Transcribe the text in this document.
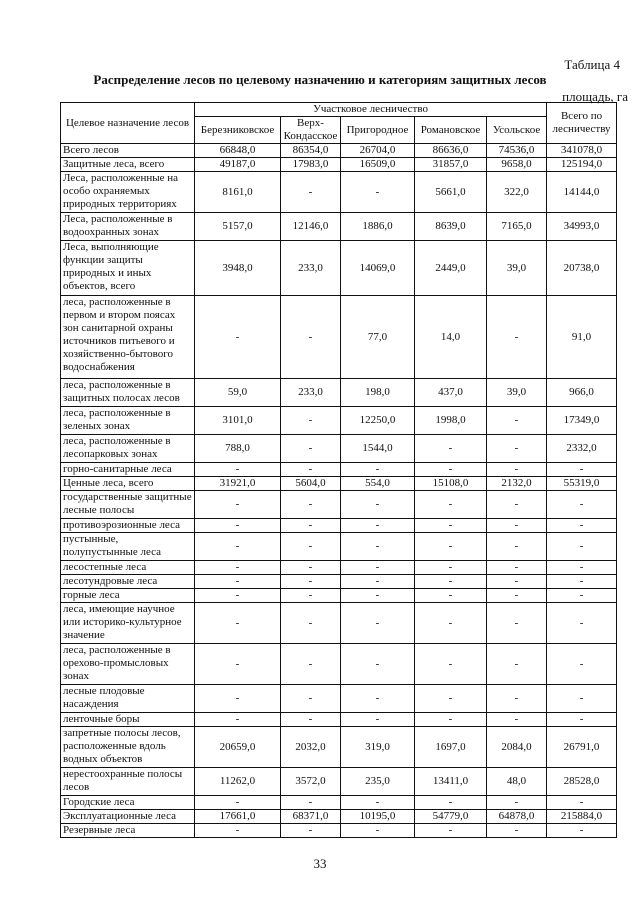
Таблица 4
Распределение лесов по целевому назначению и категориям защитных лесов
площадь, га
Целевое назначение лесов	Участковое лесничество					Всего по лесничеству
	Березниковское	Верх-Кондасское	Пригородное	Романовское	Усольское	
Всего лесов	66848,0	86354,0	26704,0	86636,0	74536,0	341078,0
Защитные леса, всего	49187,0	17983,0	16509,0	31857,0	9658,0	125194,0
Леса, расположенные на особо охраняемых природных территориях	8161,0	-	-	5661,0	322,0	14144,0
Леса, расположенные в водоохранных зонах	5157,0	12146,0	1886,0	8639,0	7165,0	34993,0
Леса, выполняющие функции защиты природных и иных объектов, всего	3948,0	233,0	14069,0	2449,0	39,0	20738,0
леса, расположенные в первом и втором поясах зон санитарной охраны источников питьевого и хозяйственно-бытового водоснабжения	-	-	77,0	14,0	-	91,0
леса, расположенные в защитных полосах лесов	59,0	233,0	198,0	437,0	39,0	966,0
леса, расположенные в зеленых зонах	3101,0	-	12250,0	1998,0	-	17349,0
леса, расположенные в лесопарковых зонах	788,0	-	1544,0	-	-	2332,0
горно-санитарные леса	-	-	-	-	-	-
Ценные леса, всего	31921,0	5604,0	554,0	15108,0	2132,0	55319,0
государственные защитные лесные полосы	-	-	-	-	-	-
противоэрозионные леса	-	-	-	-	-	-
пустынные, полупустынные леса	-	-	-	-	-	-
лесостепные леса	-	-	-	-	-	-
лесотундровые леса	-	-	-	-	-	-
горные леса	-	-	-	-	-	-
леса, имеющие научное или историко-культурное значение	-	-	-	-	-	-
леса, расположенные в орехово-промысловых зонах	-	-	-	-	-	-
лесные плодовые насаждения	-	-	-	-	-	-
ленточные боры	-	-	-	-	-	-
запретные полосы лесов, расположенные вдоль водных объектов	20659,0	2032,0	319,0	1697,0	2084,0	26791,0
нерестоохранные полосы лесов	11262,0	3572,0	235,0	13411,0	48,0	28528,0
Городские леса	-	-	-	-	-	-
Эксплуатационные леса	17661,0	68371,0	10195,0	54779,0	64878,0	215884,0
Резервные леса	-	-	-	-	-	-
33
